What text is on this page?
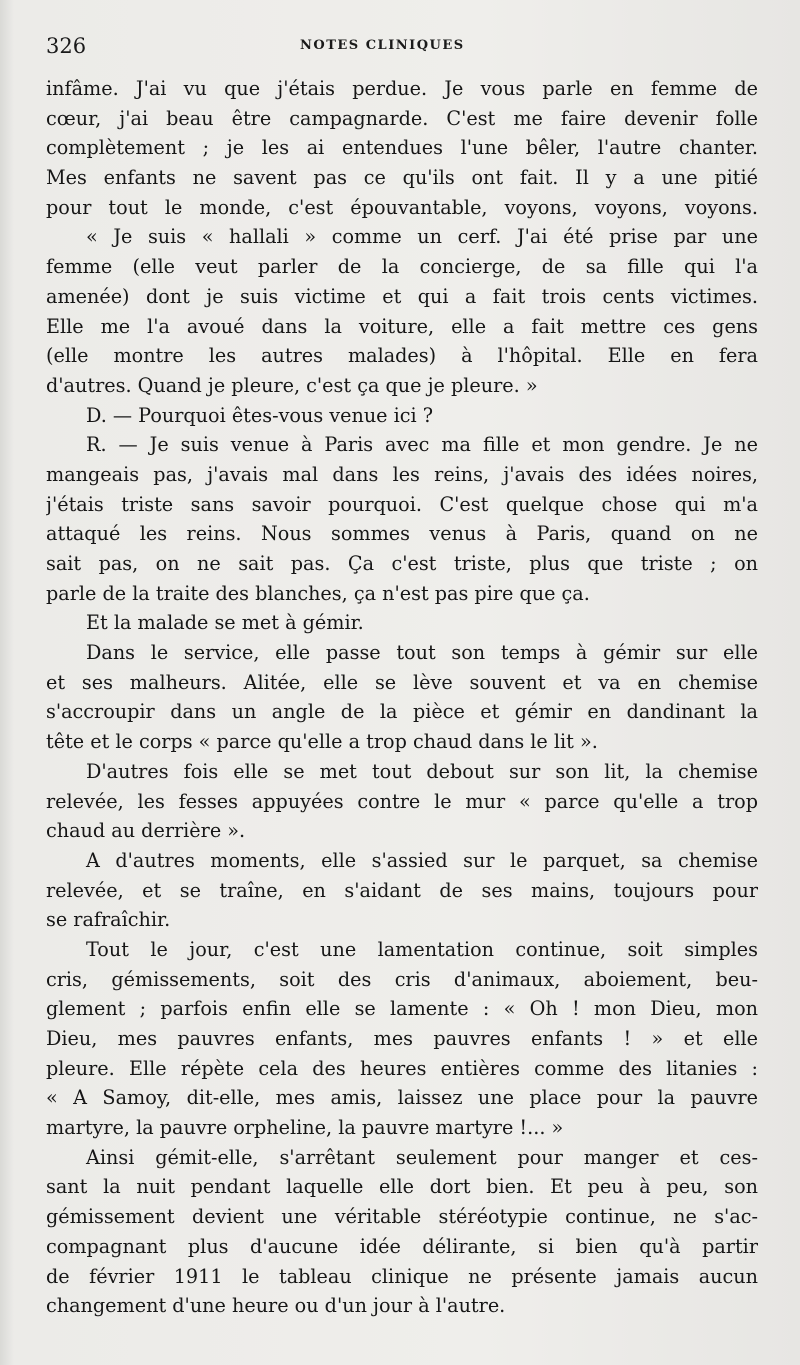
326	NOTES CLINIQUES
infâme. J'ai vu que j'étais perdue. Je vous parle en femme de
cœur, j'ai beau être campagnarde. C'est me faire devenir folle
complètement ; je les ai entendues l'une bêler, l'autre chanter.
Mes enfants ne savent pas ce qu'ils ont fait. Il y a une pitié
pour tout le monde, c'est épouvantable, voyons, voyons, voyons.
« Je suis « hallali » comme un cerf. J'ai été prise par une
femme (elle veut parler de la concierge, de sa fille qui l'a
amenée) dont je suis victime et qui a fait trois cents victimes.
Elle me l'a avoué dans la voiture, elle a fait mettre ces gens
(elle montre les autres malades) à l'hôpital. Elle en fera
d'autres. Quand je pleure, c'est ça que je pleure. »
D. — Pourquoi êtes-vous venue ici ?
R. — Je suis venue à Paris avec ma fille et mon gendre. Je ne
mangeais pas, j'avais mal dans les reins, j'avais des idées noires,
j'étais triste sans savoir pourquoi. C'est quelque chose qui m'a
attaqué les reins. Nous sommes venus à Paris, quand on ne
sait pas, on ne sait pas. Ça c'est triste, plus que triste ; on
parle de la traite des blanches, ça n'est pas pire que ça.
Et la malade se met à gémir.
Dans le service, elle passe tout son temps à gémir sur elle
et ses malheurs. Alitée, elle se lève souvent et va en chemise
s'accroupir dans un angle de la pièce et gémir en dandinant la
tête et le corps « parce qu'elle a trop chaud dans le lit ».
D'autres fois elle se met tout debout sur son lit, la chemise
relevée, les fesses appuyées contre le mur « parce qu'elle a trop
chaud au derrière ».
A d'autres moments, elle s'assied sur le parquet, sa chemise
relevée, et se traîne, en s'aidant de ses mains, toujours pour
se rafraîchir.
Tout le jour, c'est une lamentation continue, soit simples
cris, gémissements, soit des cris d'animaux, aboiement, beu-
glement ; parfois enfin elle se lamente : « Oh ! mon Dieu, mon
Dieu, mes pauvres enfants, mes pauvres enfants ! » et elle
pleure. Elle répète cela des heures entières comme des litanies :
« A Samoy, dit-elle, mes amis, laissez une place pour la pauvre
martyre, la pauvre orpheline, la pauvre martyre !... »
Ainsi gémit-elle, s'arrêtant seulement pour manger et ces-
sant la nuit pendant laquelle elle dort bien. Et peu à peu, son
gémissement devient une véritable stéréotypie continue, ne s'ac-
compagnant plus d'aucune idée délirante, si bien qu'à partir
de février 1911 le tableau clinique ne présente jamais aucun
changement d'une heure ou d'un jour à l'autre.
